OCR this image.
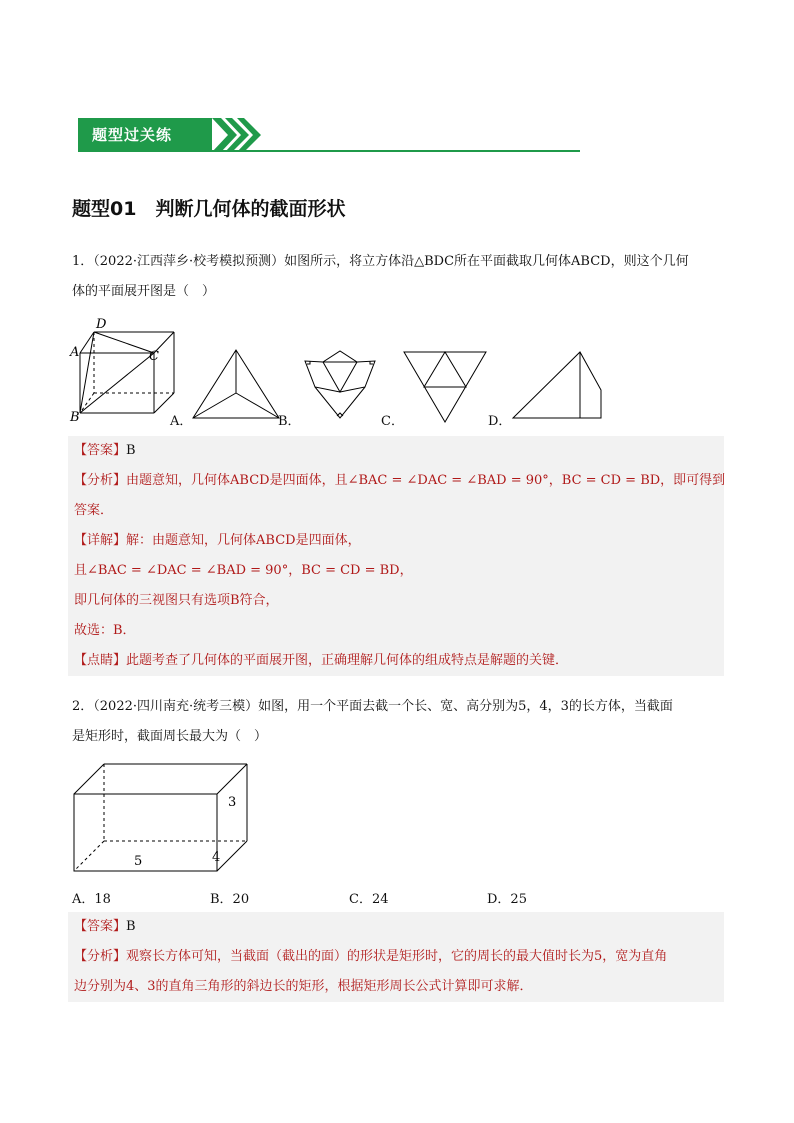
题型过关练
题型01　判断几何体的截面形状
1．（2022·江西萍乡·校考模拟预测）如图所示，将立方体沿△BDC所在平面截取几何体ABCD，则这个几何
体的平面展开图是（　）
D
A	C
B	A．	B．	C．	D．
【答案】B
【分析】由题意知，几何体ABCD是四面体，且∠BAC = ∠DAC = ∠BAD = 90°，BC = CD = BD，即可得到
答案．
【详解】解：由题意知，几何体ABCD是四面体，
且∠BAC = ∠DAC = ∠BAD = 90°，BC = CD = BD，
即几何体的三视图只有选项B符合，
故选：B．
【点睛】此题考查了几何体的平面展开图，正确理解几何体的组成特点是解题的关键．
2．（2022·四川南充·统考三模）如图，用一个平面去截一个长、宽、高分别为5，4，3的长方体，当截面
是矩形时，截面周长最大为（　）
3
4
5
A．18	B．20	C．24	D．25
【答案】B
【分析】观察长方体可知，当截面（截出的面）的形状是矩形时，它的周长的最大值时长为5，宽为直角
边分别为4、3的直角三角形的斜边长的矩形，根据矩形周长公式计算即可求解．
